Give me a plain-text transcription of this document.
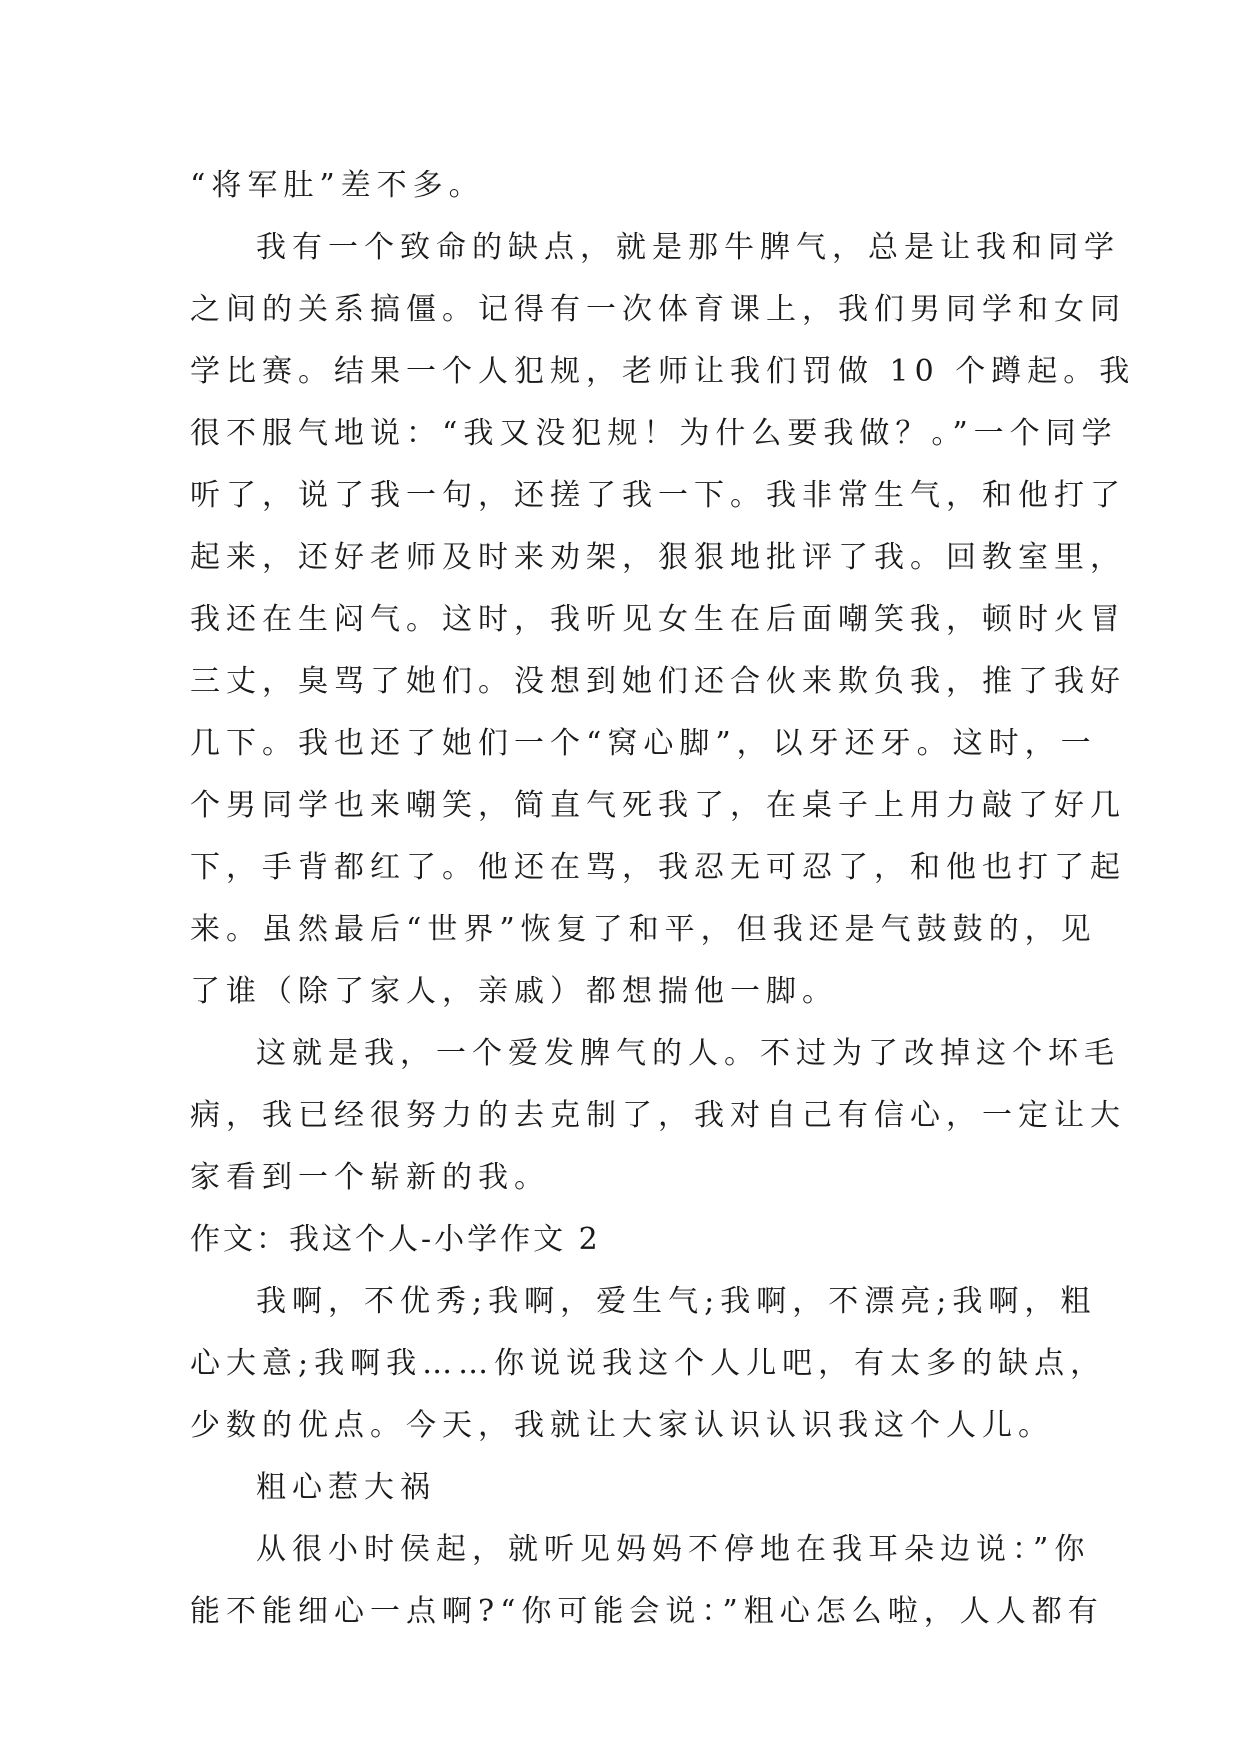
“将军肚”差不多。
我有一个致命的缺点，就是那牛脾气，总是让我和同学
之间的关系搞僵。记得有一次体育课上，我们男同学和女同
学比赛。结果一个人犯规，老师让我们罚做 10 个蹲起。我
很不服气地说：“我又没犯规！为什么要我做？。”一个同学
听了，说了我一句，还搓了我一下。我非常生气，和他打了
起来，还好老师及时来劝架，狠狠地批评了我。回教室里，
我还在生闷气。这时，我听见女生在后面嘲笑我，顿时火冒
三丈，臭骂了她们。没想到她们还合伙来欺负我，推了我好
几下。我也还了她们一个“窝心脚”，以牙还牙。这时，一
个男同学也来嘲笑，简直气死我了，在桌子上用力敲了好几
下，手背都红了。他还在骂，我忍无可忍了，和他也打了起
来。虽然最后“世界”恢复了和平，但我还是气鼓鼓的，见
了谁（除了家人，亲戚）都想揣他一脚。
这就是我，一个爱发脾气的人。不过为了改掉这个坏毛
病，我已经很努力的去克制了，我对自己有信心，一定让大
家看到一个崭新的我。
作文：我这个人-小学作文 2
我啊，不优秀;我啊，爱生气;我啊，不漂亮;我啊，粗
心大意;我啊我……你说说我这个人儿吧，有太多的缺点，
少数的优点。今天，我就让大家认识认识我这个人儿。
粗心惹大祸
从很小时侯起，就听见妈妈不停地在我耳朵边说：”你
能不能细心一点啊?“你可能会说：”粗心怎么啦，人人都有
